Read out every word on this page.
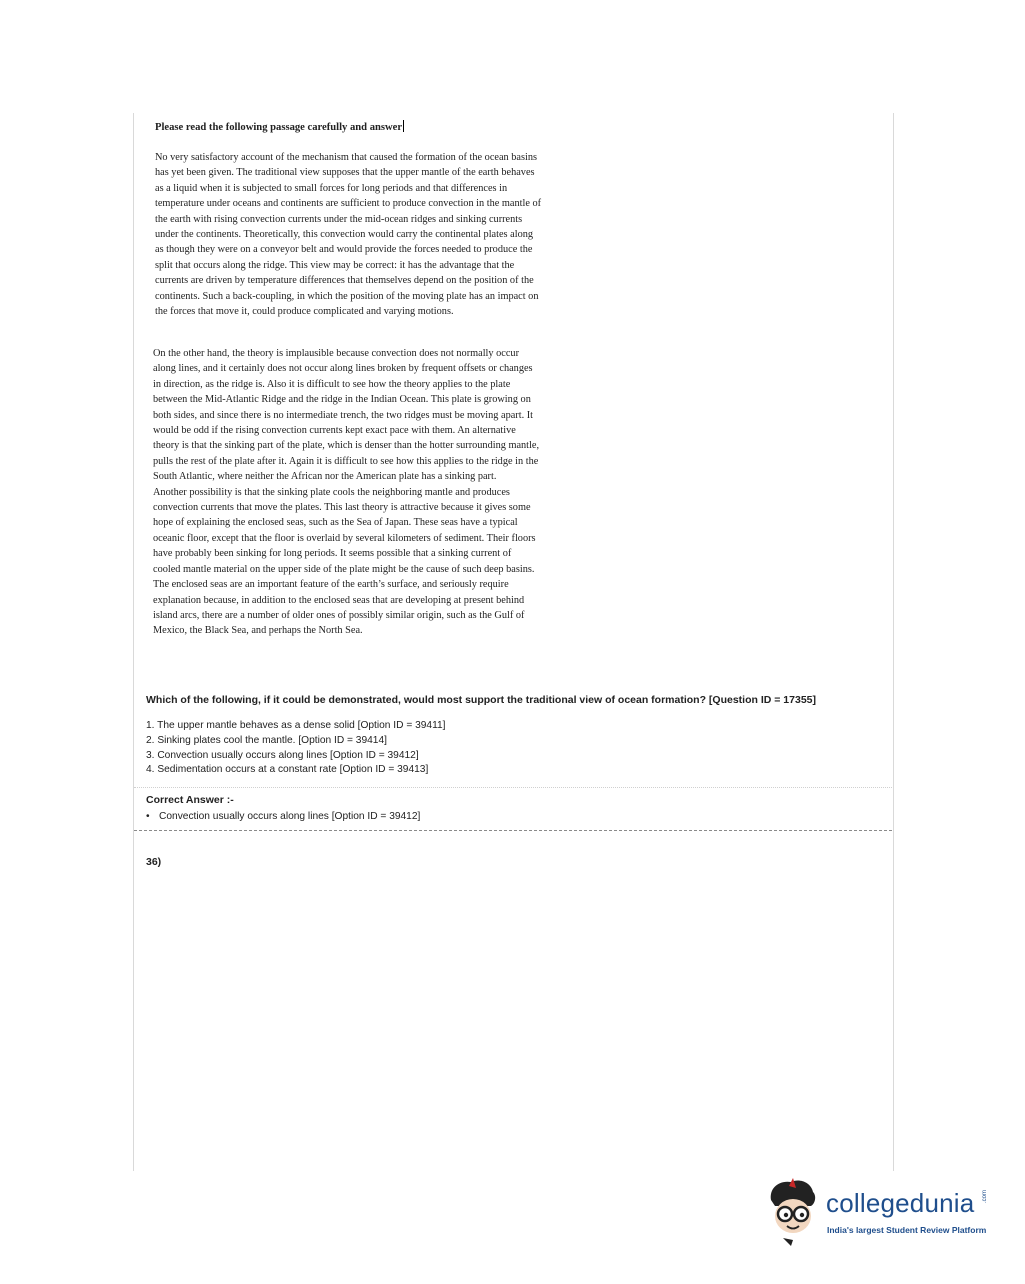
Please read the following passage carefully and answer
No very satisfactory account of the mechanism that caused the formation of the ocean basins
has yet been given. The traditional view supposes that the upper mantle of the earth behaves
as a liquid when it is subjected to small forces for long periods and that differences in
temperature under oceans and continents are sufficient to produce convection in the mantle of
the earth with rising convection currents under the mid-ocean ridges and sinking currents
under the continents. Theoretically, this convection would carry the continental plates along
as though they were on a conveyor belt and would provide the forces needed to produce the
split that occurs along the ridge. This view may be correct: it has the advantage that the
currents are driven by temperature differences that themselves depend on the position of the
continents. Such a back-coupling, in which the position of the moving plate has an impact on
the forces that move it, could produce complicated and varying motions.
On the other hand, the theory is implausible because convection does not normally occur
along lines, and it certainly does not occur along lines broken by frequent offsets or changes
in direction, as the ridge is. Also it is difficult to see how the theory applies to the plate
between the Mid-Atlantic Ridge and the ridge in the Indian Ocean. This plate is growing on
both sides, and since there is no intermediate trench, the two ridges must be moving apart. It
would be odd if the rising convection currents kept exact pace with them. An alternative
theory is that the sinking part of the plate, which is denser than the hotter surrounding mantle,
pulls the rest of the plate after it. Again it is difficult to see how this applies to the ridge in the
South Atlantic, where neither the African nor the American plate has a sinking part.
Another possibility is that the sinking plate cools the neighboring mantle and produces
convection currents that move the plates. This last theory is attractive because it gives some
hope of explaining the enclosed seas, such as the Sea of Japan. These seas have a typical
oceanic floor, except that the floor is overlaid by several kilometers of sediment. Their floors
have probably been sinking for long periods. It seems possible that a sinking current of
cooled mantle material on the upper side of the plate might be the cause of such deep basins.
The enclosed seas are an important feature of the earth’s surface, and seriously require
explanation because, in addition to the enclosed seas that are developing at present behind
island arcs, there are a number of older ones of possibly similar origin, such as the Gulf of
Mexico, the Black Sea, and perhaps the North Sea.
Which of the following, if it could be demonstrated, would most support the traditional view of ocean formation? [Question ID = 17355]
1. The upper mantle behaves as a dense solid [Option ID = 39411]
2. Sinking plates cool the mantle. [Option ID = 39414]
3. Convection usually occurs along lines [Option ID = 39412]
4. Sedimentation occurs at a constant rate [Option ID = 39413]
Correct Answer :-
• Convection usually occurs along lines [Option ID = 39412]
36)
collegedunia .com
India's largest Student Review Platform
